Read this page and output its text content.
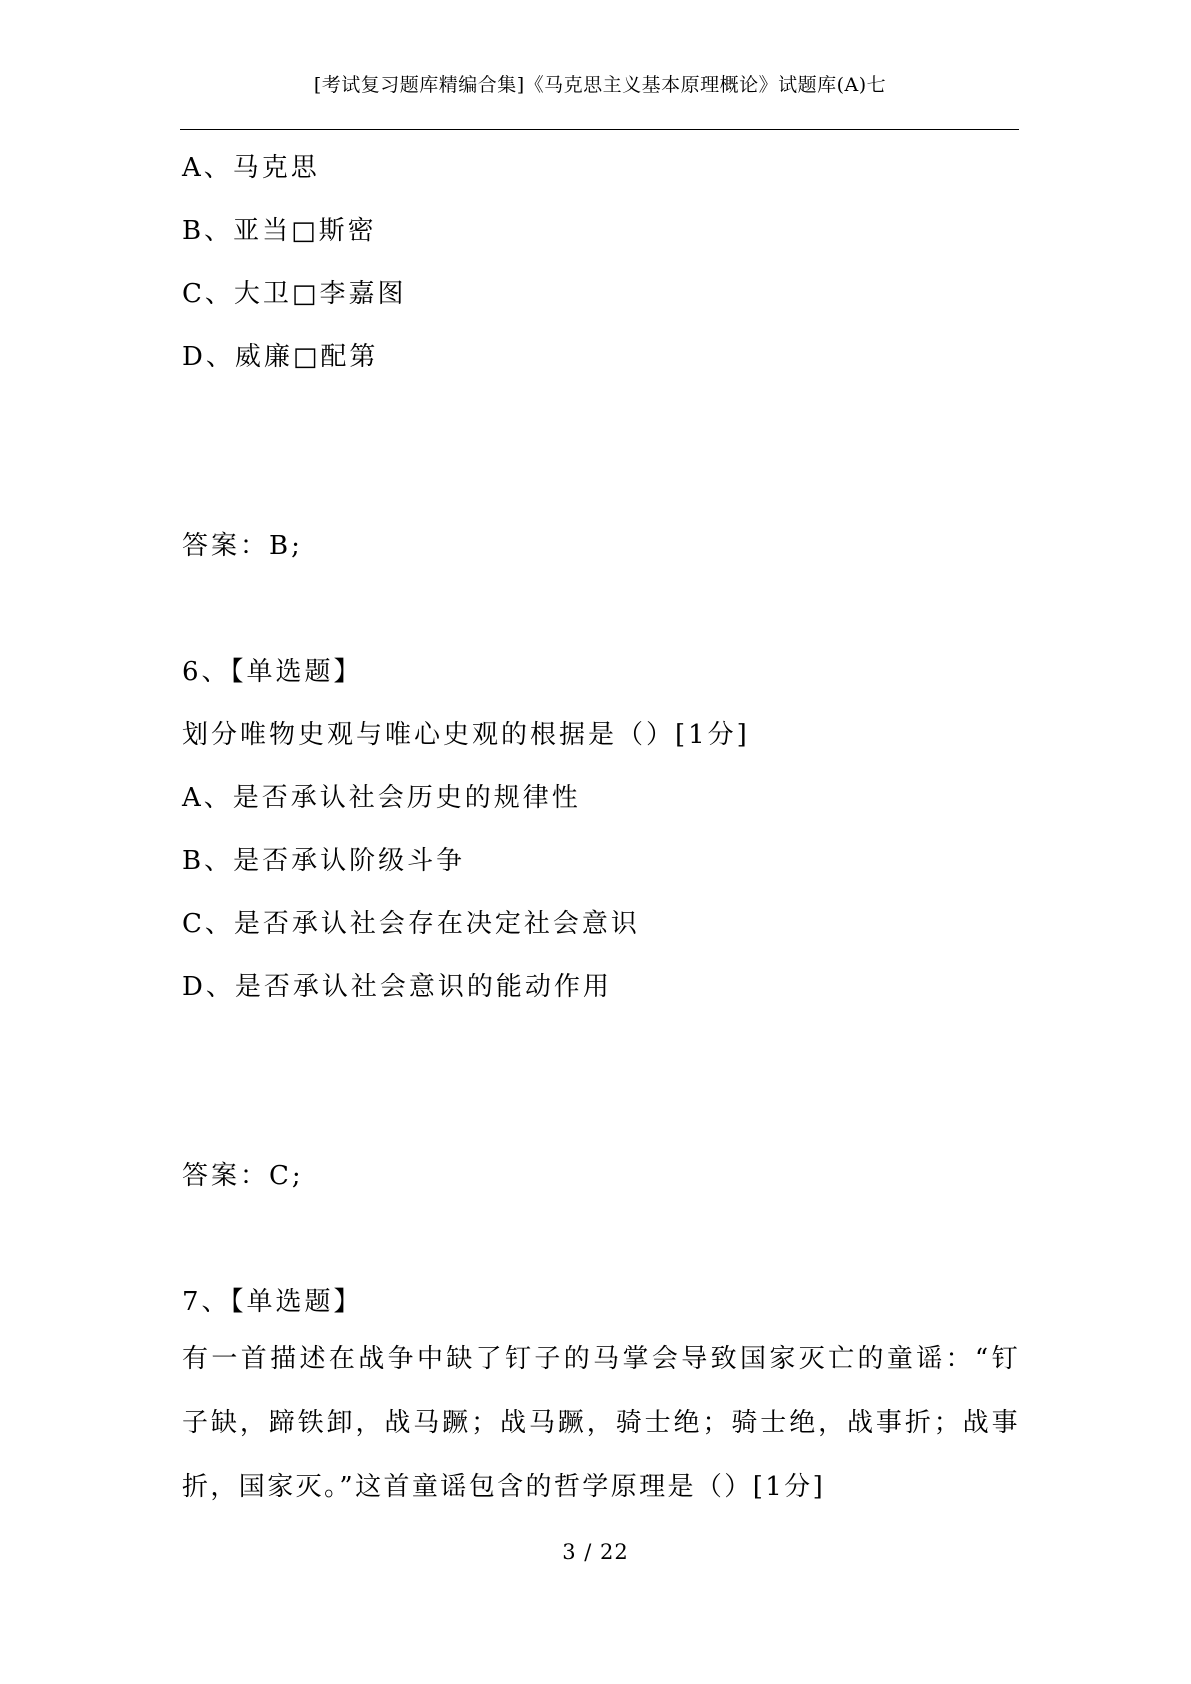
[考试复习题库精编合集]《马克思主义基本原理概论》试题库(A)七
A、马克思
B、亚当□斯密
C、大卫□李嘉图
D、威廉□配第
答案：B;
6、【单选题】
划分唯物史观与唯心史观的根据是（）[1分]
A、是否承认社会历史的规律性
B、是否承认阶级斗争
C、是否承认社会存在决定社会意识
D、是否承认社会意识的能动作用
答案：C;
7、【单选题】
有一首描述在战争中缺了钉子的马掌会导致国家灭亡的童谣：“钉子缺，蹄铁卸，战马蹶；战马蹶，骑士绝；骑士绝，战事折；战事折，国家灭。”这首童谣包含的哲学原理是（）[1分]
3 / 22
